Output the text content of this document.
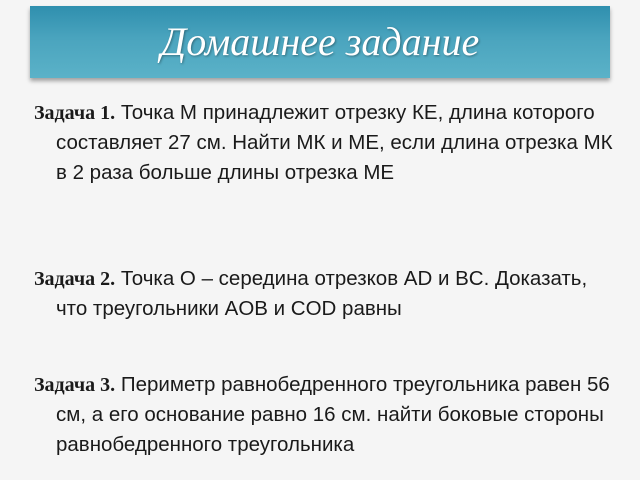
Домашнее задание

Задача 1. Точка М принадлежит отрезку КЕ, длина которого составляет 27 см. Найти МК и МЕ, если длина отрезка МК в 2 раза больше длины отрезка МЕ

Задача 2. Точка О – середина отрезков AD и BC. Доказать, что треугольники AOB и COD равны

Задача 3. Периметр равнобедренного треугольника равен 56 см, а его основание равно 16 см. найти боковые стороны равнобедренного треугольника
